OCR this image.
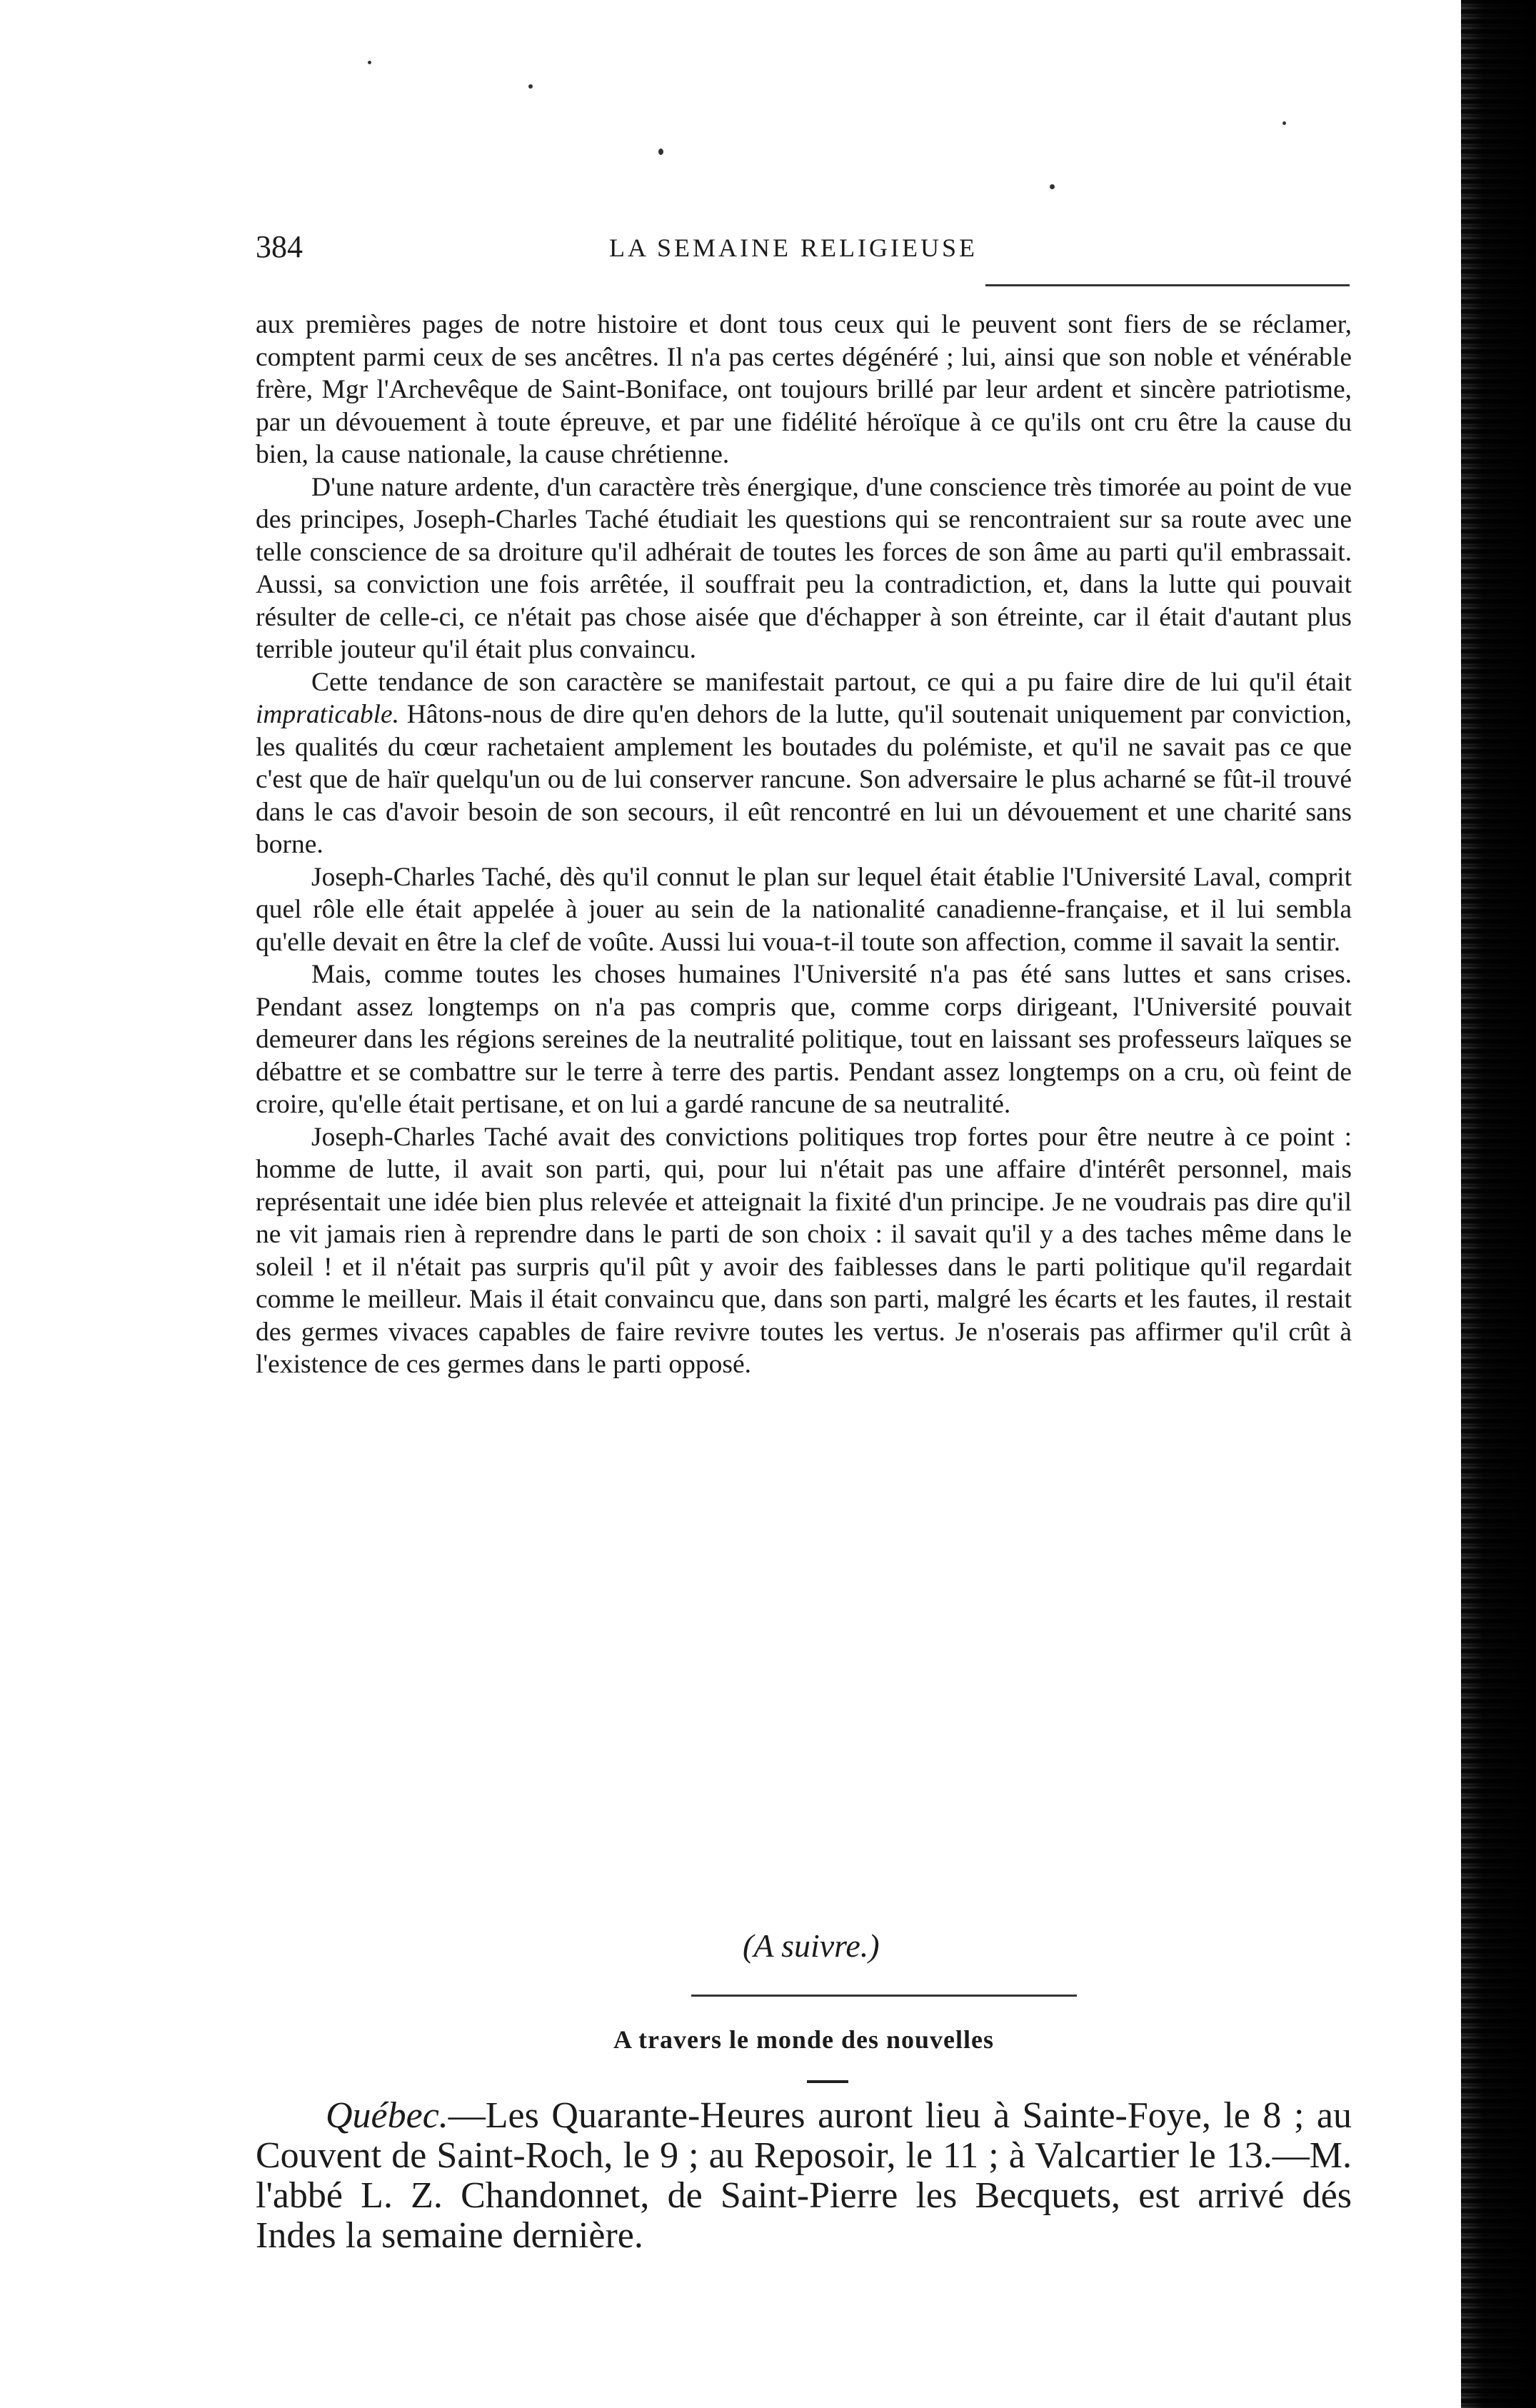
384	LA SEMAINE RELIGIEUSE

aux premières pages de notre histoire et dont tous ceux qui le peuvent sont fiers de se réclamer, comptent parmi ceux de ses ancêtres. Il n'a pas certes dégénéré ; lui, ainsi que son noble et vénérable frère, Mgr l'Archevêque de Saint-Boniface, ont toujours brillé par leur ardent et sincère patriotisme, par un dévouement à toute épreuve, et par une fidélité héroïque à ce qu'ils ont cru être la cause du bien, la cause nationale, la cause chrétienne.

D'une nature ardente, d'un caractère très énergique, d'une conscience très timorée au point de vue des principes, Joseph-Charles Taché étudiait les questions qui se rencontraient sur sa route avec une telle conscience de sa droiture qu'il adhérait de toutes les forces de son âme au parti qu'il embrassait. Aussi, sa conviction une fois arrêtée, il souffrait peu la contradiction, et, dans la lutte qui pouvait résulter de celle-ci, ce n'était pas chose aisée que d'échapper à son étreinte, car il était d'autant plus terrible jouteur qu'il était plus convaincu.

Cette tendance de son caractère se manifestait partout, ce qui a pu faire dire de lui qu'il était impraticable. Hâtons-nous de dire qu'en dehors de la lutte, qu'il soutenait uniquement par conviction, les qualités du cœur rachetaient amplement les boutades du polémiste, et qu'il ne savait pas ce que c'est que de haïr quelqu'un ou de lui conserver rancune. Son adversaire le plus acharné se fût-il trouvé dans le cas d'avoir besoin de son secours, il eût rencontré en lui un dévouement et une charité sans borne.

Joseph-Charles Taché, dès qu'il connut le plan sur lequel était établie l'Université Laval, comprit quel rôle elle était appelée à jouer au sein de la nationalité canadienne-française, et il lui sembla qu'elle devait en être la clef de voûte. Aussi lui voua-t-il toute son affection, comme il savait la sentir.

Mais, comme toutes les choses humaines l'Université n'a pas été sans luttes et sans crises. Pendant assez longtemps on n'a pas compris que, comme corps dirigeant, l'Université pouvait demeurer dans les régions sereines de la neutralité politique, tout en laissant ses professeurs laïques se débattre et se combattre sur le terre à terre des partis. Pendant assez longtemps on a cru, où feint de croire, qu'elle était pertisane, et on lui a gardé rancune de sa neutralité.

Joseph-Charles Taché avait des convictions politiques trop fortes pour être neutre à ce point : homme de lutte, il avait son parti, qui, pour lui n'était pas une affaire d'intérêt personnel, mais représentait une idée bien plus relevée et atteignait la fixité d'un principe. Je ne voudrais pas dire qu'il ne vit jamais rien à reprendre dans le parti de son choix : il savait qu'il y a des taches même dans le soleil ! et il n'était pas surpris qu'il pût y avoir des faiblesses dans le parti politique qu'il regardait comme le meilleur. Mais il était convaincu que, dans son parti, malgré les écarts et les fautes, il restait des germes vivaces capables de faire revivre toutes les vertus. Je n'oserais pas affirmer qu'il crût à l'existence de ces germes dans le parti opposé.

(A suivre.)
A travers le monde des nouvelles

Québec.—Les Quarante-Heures auront lieu à Sainte-Foye, le 8 ; au Couvent de Saint-Roch, le 9 ; au Reposoir, le 11 ; à Valcartier le 13.—M. l'abbé L. Z. Chandonnet, de Saint-Pierre les Becquets, est arrivé dés Indes la semaine dernière.
